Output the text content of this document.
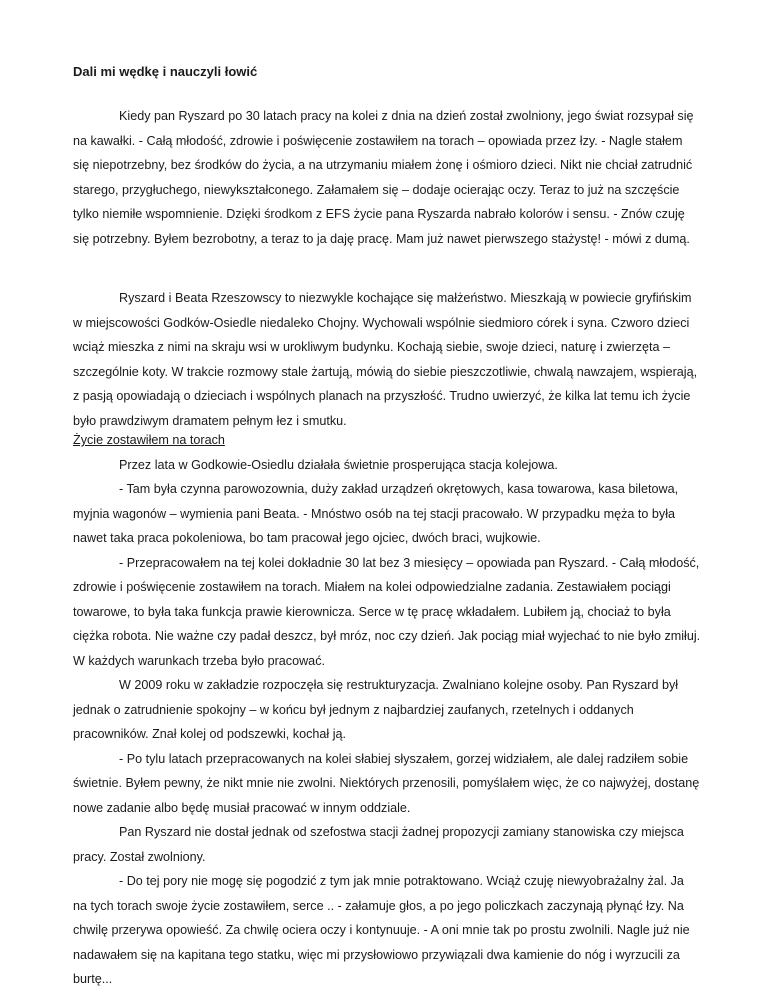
Dali mi wędkę i nauczyli łowić

Kiedy pan Ryszard po 30 latach pracy na kolei z dnia na dzień został zwolniony, jego świat rozsypał się na kawałki. - Całą młodość, zdrowie i poświęcenie zostawiłem na torach – opowiada przez łzy. - Nagle stałem się niepotrzebny, bez środków do życia, a na utrzymaniu miałem żonę i ośmioro dzieci. Nikt nie chciał zatrudnić starego, przygłuchego, niewykształconego. Załamałem się – dodaje ocierając oczy. Teraz to już na szczęście tylko niemiłe wspomnienie. Dzięki środkom z EFS życie pana Ryszarda nabrało kolorów i sensu. - Znów czuję się potrzebny. Byłem bezrobotny, a teraz to ja daję pracę. Mam już nawet pierwszego stażystę! - mówi z dumą.

Ryszard i Beata Rzeszowscy to niezwykle kochające się małżeństwo. Mieszkają w powiecie gryfińskim w miejscowości Godków-Osiedle niedaleko Chojny. Wychowali wspólnie siedmioro córek i syna. Czworo dzieci wciąż mieszka z nimi na skraju wsi w urokliwym budynku. Kochają siebie, swoje dzieci, naturę i zwierzęta – szczególnie koty. W trakcie rozmowy stale żartują, mówią do siebie pieszczotliwie, chwalą nawzajem, wspierają, z pasją opowiadają o dzieciach i wspólnych planach na przyszłość. Trudno uwierzyć, że kilka lat temu ich życie było prawdziwym dramatem pełnym łez i smutku.

Życie zostawiłem na torach

Przez lata w Godkowie-Osiedlu działała świetnie prosperująca stacja kolejowa.

- Tam była czynna parowozownia, duży zakład urządzeń okrętowych, kasa towarowa, kasa biletowa, myjnia wagonów – wymienia pani Beata. - Mnóstwo osób na tej stacji pracowało. W przypadku męża to była nawet taka praca pokoleniowa, bo tam pracował jego ojciec, dwóch braci, wujkowie.

- Przepracowałem na tej kolei dokładnie 30 lat bez 3 miesięcy – opowiada pan Ryszard. - Całą młodość, zdrowie i poświęcenie zostawiłem na torach. Miałem na kolei odpowiedzialne zadania. Zestawiałem pociągi towarowe, to była taka funkcja prawie kierownicza. Serce w tę pracę wkładałem. Lubiłem ją, chociaż to była ciężka robota. Nie ważne czy padał deszcz, był mróz, noc czy dzień. Jak pociąg miał wyjechać to nie było zmiłuj. W każdych warunkach trzeba było pracować.

W 2009 roku w zakładzie rozpoczęła się restrukturyzacja. Zwalniano kolejne osoby. Pan Ryszard był jednak o zatrudnienie spokojny – w końcu był jednym z najbardziej zaufanych, rzetelnych i oddanych pracowników. Znał kolej od podszewki, kochał ją.

- Po tylu latach przepracowanych na kolei słabiej słyszałem, gorzej widziałem, ale dalej radziłem sobie świetnie. Byłem pewny, że nikt mnie nie zwolni. Niektórych przenosili, pomyślałem więc, że co najwyżej, dostanę nowe zadanie albo będę musiał pracować w innym oddziale.

Pan Ryszard nie dostał jednak od szefostwa stacji żadnej propozycji zamiany stanowiska czy miejsca pracy. Został zwolniony.

- Do tej pory nie mogę się pogodzić z tym jak mnie potraktowano. Wciąż czuję niewyobrażalny żal. Ja na tych torach swoje życie zostawiłem, serce .. - załamuje głos, a po jego policzkach zaczynają płynąć łzy. Na chwilę przerywa opowieść. Za chwilę ociera oczy i kontynuuje. - A oni mnie tak po prostu zwolnili. Nagle już nie nadawałem się na kapitana tego statku, więc mi przysłowiowo przywiązali dwa kamienie do nóg i wyrzucili za burtę...
